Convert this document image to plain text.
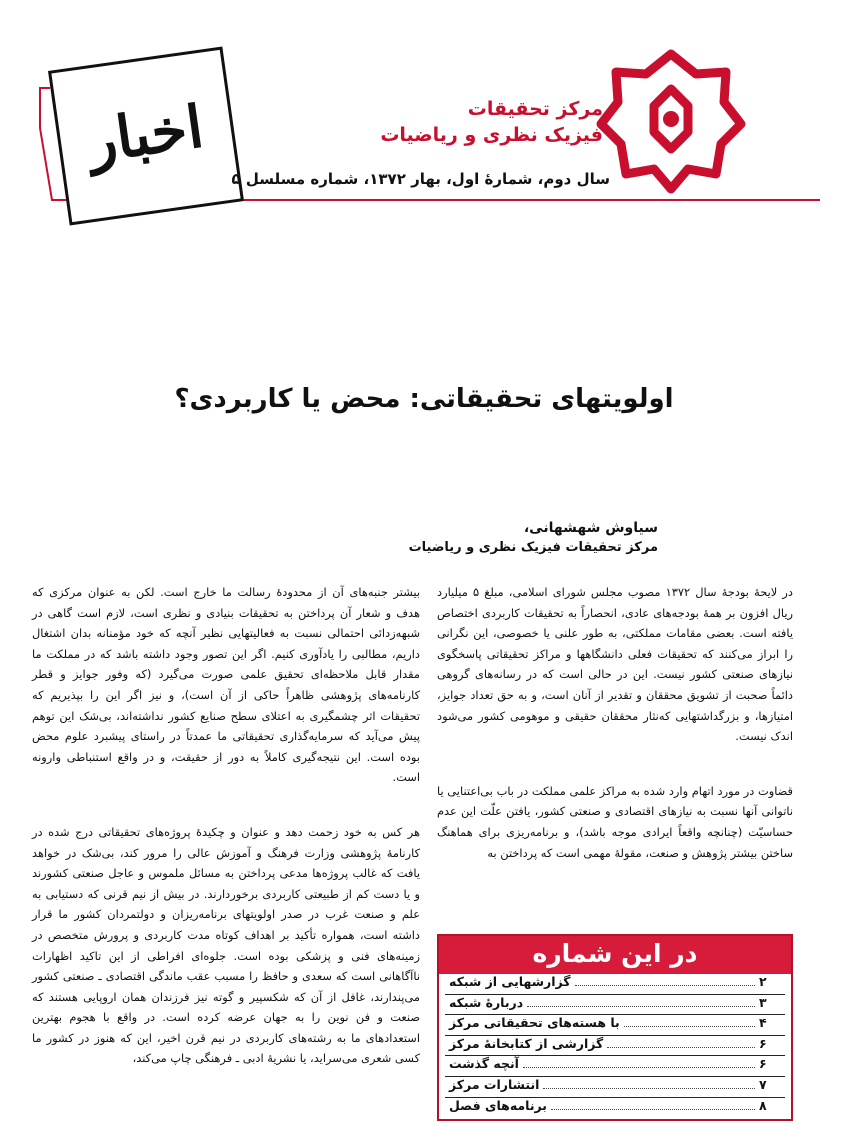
اخبار	مرکز تحقیقات
فیزیک نظری و ریاضیات
سال دوم، شمارۀ اول، بهار ۱۳۷۲، شماره مسلسل ۵
اولویتهای تحقیقاتی: محض یا کاربردی؟
سیاوش شهشهانی،
مرکز تحقیقات فیزیک نظری و ریاضیات

در لایحۀ بودجۀ سال ۱۳۷۲ مصوب مجلس شورای اسلامی، مبلغ ۵ میلیارد ریال افزون بر همۀ بودجه‌های عادی، انحصاراً به تحقیقات کاربردی اختصاص یافته است. بعضی مقامات مملکتی، به طور علنی یا خصوصی، این نگرانی را ابراز می‌کنند که تحقیقات فعلی دانشگاهها و مراکز تحقیقاتی پاسخگوی نیازهای صنعتی کشور نیست. این در حالی است که در رسانه‌های گروهی دائماً صحبت از تشویق محققان و تقدیر از آنان است، و به حق تعداد جوایز، امتیازها، و بزرگداشتهایی که‌نثار محققان حقیقی و موهومی کشور می‌شود اندک نیست.

قضاوت در مورد اتهام وارد شده به مراکز علمی مملکت در باب بی‌اعتنایی یا ناتوانی آنها نسبت به نیازهای اقتصادی و صنعتی کشور، یافتن علّت این عدم حساسیّت (چنانچه واقعاً ایرادی موجه باشد)، و برنامه‌ریزی برای هماهنگ ساختن بیشتر پژوهش و صنعت، مقولۀ مهمی است که پرداختن به

بیشتر جنبه‌های آن از محدودۀ رسالت ما خارج است. لکن به عنوان مرکزی که هدف و شعار آن پرداختن به تحقیقات بنیادی و نظری است، لازم است گاهی در شبهه‌زدائی احتمالی نسبت به فعالیتهایی نظیر آنچه که خود مؤمنانه بدان اشتغال داریم، مطالبی را یادآوری کنیم. اگر این تصور وجود داشته باشد که در مملکت ما مقدار قابل ملاحظه‌ای تحقیق علمی صورت می‌گیرد (که وفور جوایز و قطر کارنامه‌های پژوهشی ظاهراً حاکی از آن است)، و نیز اگر این را بپذیریم که تحقیقات اثر چشمگیری به اعتلای سطح صنایع کشور نداشته‌اند، بی‌شک این توهم پیش می‌آید که سرمایه‌گذاری تحقیقاتی ما عمدتاً در راستای پیشبرد علوم محض بوده است. این نتیجه‌گیری کاملاً به دور از حقیقت، و در واقع استنباطی وارونه است.

هر کس به خود زحمت دهد و عنوان و چکیدۀ پروژه‌های تحقیقاتی درج شده در کارنامۀ پژوهشی وزارت فرهنگ و آموزش عالی را مرور کند، بی‌شک در خواهد یافت که غالب پروژه‌ها مدعی پرداختن به مسائل ملموس و عاجل صنعتی کشورند و یا دست کم از طبیعتی کاربردی برخوردارند. در بیش از نیم قرنی که دستیابی به علم و صنعت غرب در صدر اولویتهای برنامه‌ریزان و دولتمردان کشور ما قرار داشته است، همواره تأکید بر اهداف کوتاه مدت کاربردی و پرورش متخصص در زمینه‌های فنی و پزشکی بوده است. جلوه‌ای افراطی از این تاکید اظهارات ناآگاهانی است که سعدی و حافظ را مسبب عقب ماندگی اقتصادی ـ صنعتی کشور می‌پندارند، غافل از آن که شکسپیر و گوته نیز فرزندان همان اروپایی هستند که صنعت و فن نوین را به جهان عرضه کرده است. در واقع با هجوم بهترین استعدادهای ما به رشته‌های کاربردی در نیم قرن اخیر، این که هنوز در کشور ما کسی شعری می‌سراید، یا نشریۀ ادبی ـ فرهنگی چاپ می‌کند،

در این شماره
گزارشهایی از شبکه	۲
دربارۀ شبکه	۳
با هسته‌های تحقیقاتی مرکز	۴
گزارشی از کتابخانۀ مرکز	۶
آنچه گذشت	۶
انتشارات مرکز	۷
برنامه‌های فصل	۸
